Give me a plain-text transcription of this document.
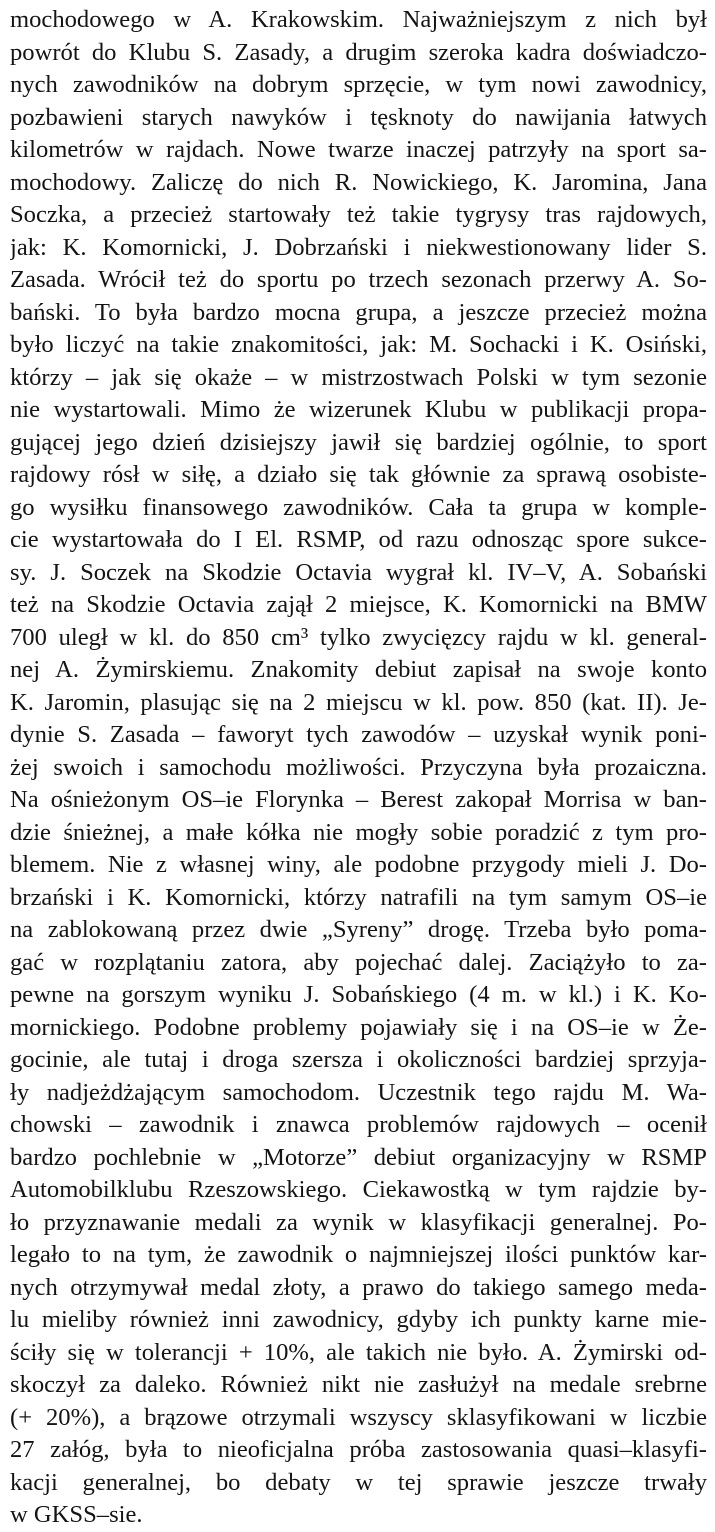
mochodowego w A. Krakowskim. Najważniejszym z nich był
powrót do Klubu S. Zasady, a drugim szeroka kadra doświadczo-
nych zawodników na dobrym sprzęcie, w tym nowi zawodnicy,
pozbawieni starych nawyków i tęsknoty do nawijania łatwych
kilometrów w rajdach. Nowe twarze inaczej patrzyły na sport sa-
mochodowy. Zaliczę do nich R. Nowickiego, K. Jaromina, Jana
Soczka, a przecież startowały też takie tygrysy tras rajdowych,
jak: K. Komornicki, J. Dobrzański i niekwestionowany lider S.
Zasada. Wrócił też do sportu po trzech sezonach przerwy A. So-
bański. To była bardzo mocna grupa, a jeszcze przecież można
było liczyć na takie znakomitości, jak: M. Sochacki i K. Osiński,
którzy – jak się okaże – w mistrzostwach Polski w tym sezonie
nie wystartowali. Mimo że wizerunek Klubu w publikacji propa-
gującej jego dzień dzisiejszy jawił się bardziej ogólnie, to sport
rajdowy rósł w siłę, a działo się tak głównie za sprawą osobiste-
go wysiłku finansowego zawodników. Cała ta grupa w komple-
cie wystartowała do I El. RSMP, od razu odnosząc spore sukce-
sy. J. Soczek na Skodzie Octavia wygrał kl. IV–V, A. Sobański
też na Skodzie Octavia zajął 2 miejsce, K. Komornicki na BMW
700 uległ w kl. do 850 cm³ tylko zwycięzcy rajdu w kl. general-
nej A. Żymirskiemu. Znakomity debiut zapisał na swoje konto
K. Jaromin, plasując się na 2 miejscu w kl. pow. 850 (kat. II). Je-
dynie S. Zasada – faworyt tych zawodów – uzyskał wynik poni-
żej swoich i samochodu możliwości. Przyczyna była prozaiczna.
Na ośnieżonym OS–ie Florynka – Berest zakopał Morrisa w ban-
dzie śnieżnej, a małe kółka nie mogły sobie poradzić z tym pro-
blemem. Nie z własnej winy, ale podobne przygody mieli J. Do-
brzański i K. Komornicki, którzy natrafili na tym samym OS–ie
na zablokowaną przez dwie „Syreny” drogę. Trzeba było poma-
gać w rozplątaniu zatora, aby pojechać dalej. Zaciążyło to za-
pewne na gorszym wyniku J. Sobańskiego (4 m. w kl.) i K. Ko-
mornickiego. Podobne problemy pojawiały się i na OS–ie w Że-
gocinie, ale tutaj i droga szersza i okoliczności bardziej sprzyja-
ły nadjeżdżającym samochodom. Uczestnik tego rajdu M. Wa-
chowski – zawodnik i znawca problemów rajdowych – ocenił
bardzo pochlebnie w „Motorze” debiut organizacyjny w RSMP
Automobilklubu Rzeszowskiego. Ciekawostką w tym rajdzie by-
ło przyznawanie medali za wynik w klasyfikacji generalnej. Po-
legało to na tym, że zawodnik o najmniejszej ilości punktów kar-
nych otrzymywał medal złoty, a prawo do takiego samego meda-
lu mieliby również inni zawodnicy, gdyby ich punkty karne mie-
ściły się w tolerancji + 10%, ale takich nie było. A. Żymirski od-
skoczył za daleko. Również nikt nie zasłużył na medale srebrne
(+ 20%), a brązowe otrzymali wszyscy sklasyfikowani w liczbie
27 załóg, była to nieoficjalna próba zastosowania quasi–klasyfi-
kacji generalnej, bo debaty w tej sprawie jeszcze trwały
w GKSS–sie.
